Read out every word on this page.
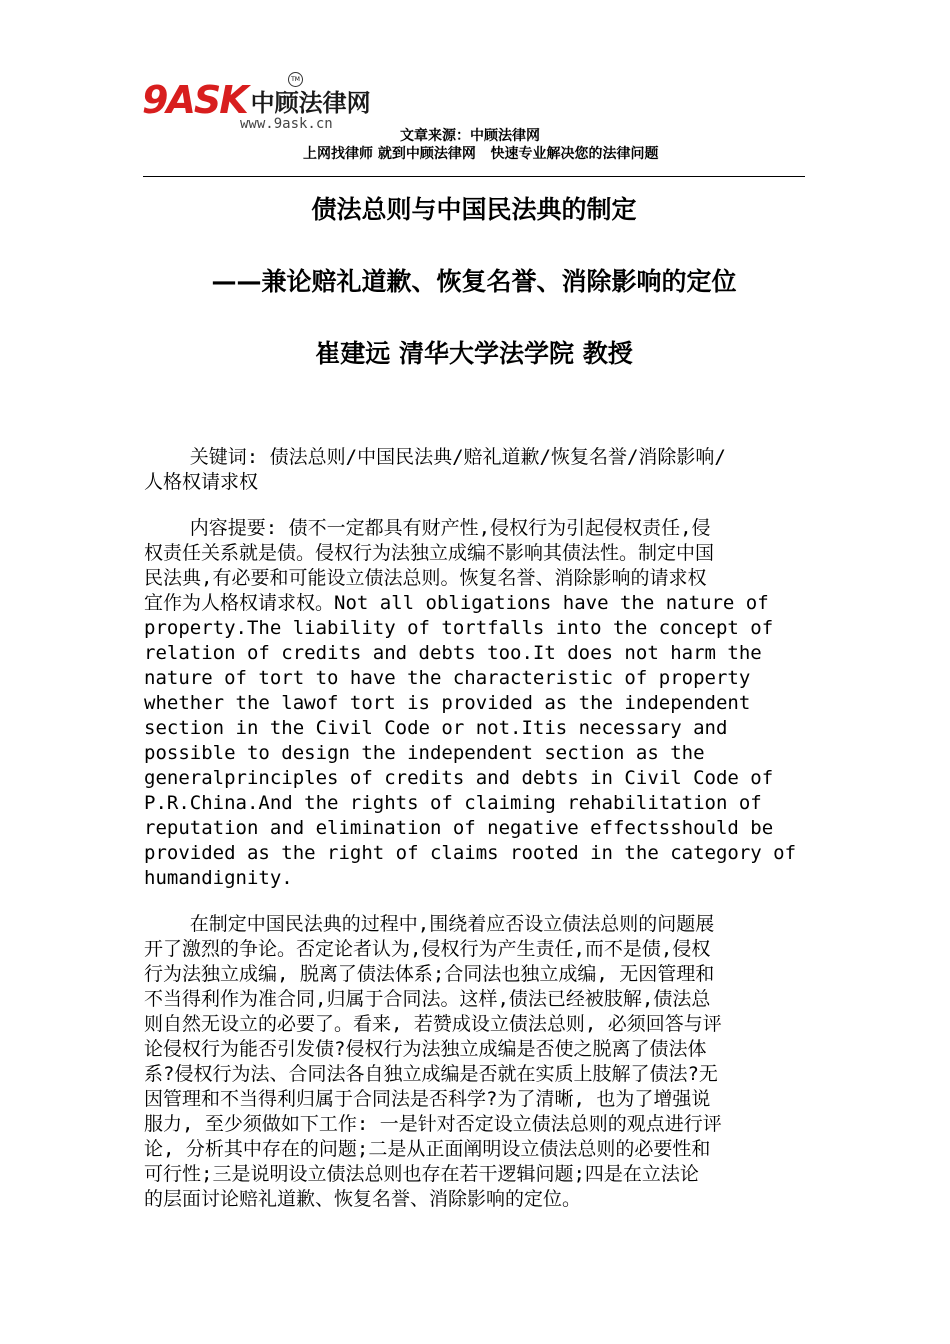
9ASK 中顾法律网
TM
www.9ask.cn
文章来源：中顾法律网
上网找律师 就到中顾法律网   快速专业解决您的法律问题
债法总则与中国民法典的制定
——兼论赔礼道歉、恢复名誉、消除影响的定位
崔建远 清华大学法学院 教授
关键词: 债法总则/中国民法典/赔礼道歉/恢复名誉/消除影响/
人格权请求权
内容提要: 债不一定都具有财产性,侵权行为引起侵权责任,侵
权责任关系就是债。侵权行为法独立成编不影响其债法性。制定中国
民法典,有必要和可能设立债法总则。恢复名誉、消除影响的请求权
宜作为人格权请求权。Not all obligations have the nature of
property.The liability of tortfalls into the concept of
relation of credits and debts too.It does not harm the
nature of tort to have the characteristic of property
whether the lawof tort is provided as the independent
section in the Civil Code or not.Itis necessary and
possible to design the independent section as the
generalprinciples of credits and debts in Civil Code of
P.R.China.And the rights of claiming rehabilitation of
reputation and elimination of negative effectsshould be
provided as the right of claims rooted in the category of
humandignity.
在制定中国民法典的过程中,围绕着应否设立债法总则的问题展
开了激烈的争论。否定论者认为,侵权行为产生责任,而不是债,侵权
行为法独立成编, 脱离了债法体系;合同法也独立成编, 无因管理和
不当得利作为准合同,归属于合同法。这样,债法已经被肢解,债法总
则自然无设立的必要了。看来, 若赞成设立债法总则, 必须回答与评
论侵权行为能否引发债?侵权行为法独立成编是否使之脱离了债法体
系?侵权行为法、合同法各自独立成编是否就在实质上肢解了债法?无
因管理和不当得利归属于合同法是否科学?为了清晰, 也为了增强说
服力, 至少须做如下工作: 一是针对否定设立债法总则的观点进行评
论, 分析其中存在的问题;二是从正面阐明设立债法总则的必要性和
可行性;三是说明设立债法总则也存在若干逻辑问题;四是在立法论
的层面讨论赔礼道歉、恢复名誉、消除影响的定位。
